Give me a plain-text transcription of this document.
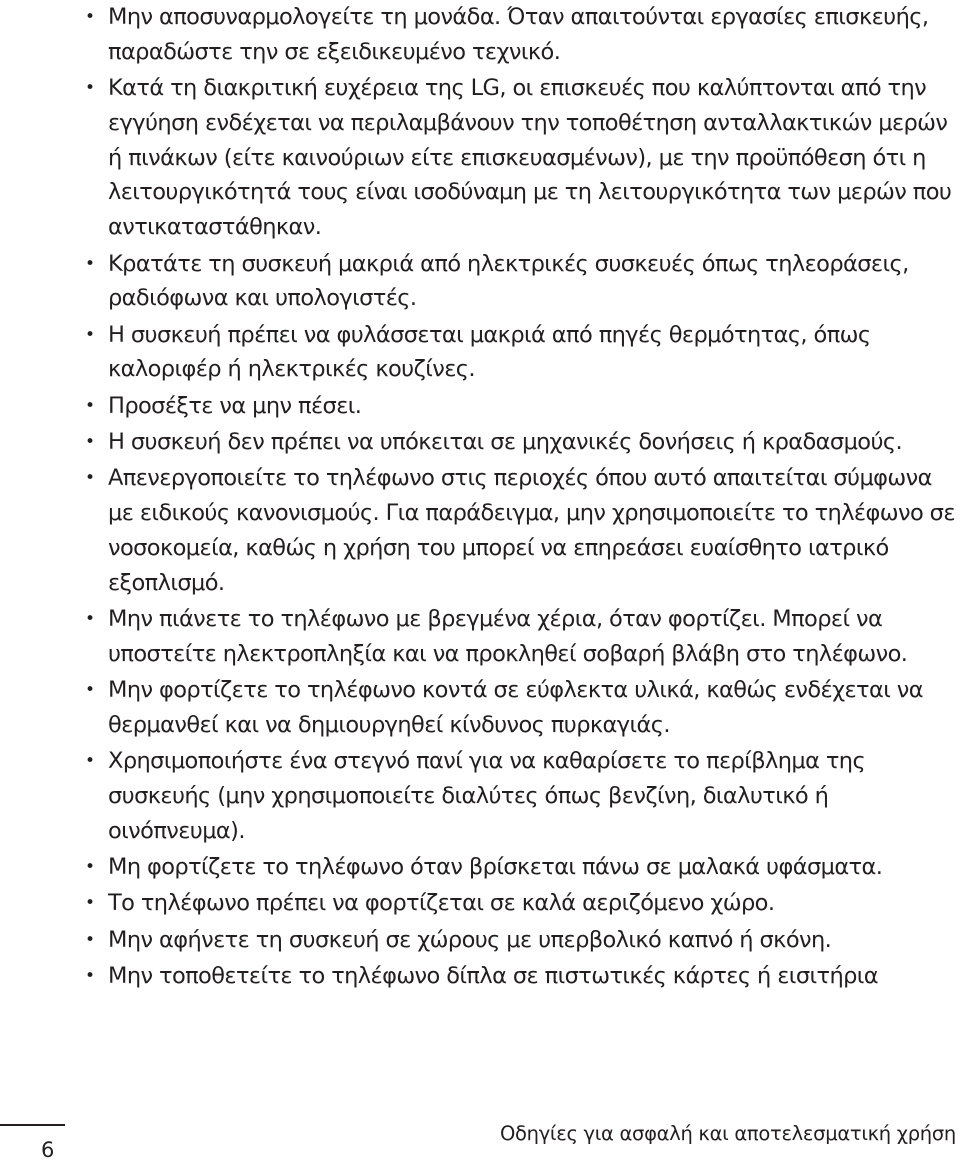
• Μην αποσυναρμολογείτε τη μονάδα. Όταν απαιτούνται εργασίες επισκευής, παραδώστε την σε εξειδικευμένο τεχνικό.
• Κατά τη διακριτική ευχέρεια της LG, οι επισκευές που καλύπτονται από την εγγύηση ενδέχεται να περιλαμβάνουν την τοποθέτηση ανταλλακτικών μερών ή πινάκων (είτε καινούριων είτε επισκευασμένων), με την προϋπόθεση ότι η λειτουργικότητά τους είναι ισοδύναμη με τη λειτουργικότητα των μερών που αντικαταστάθηκαν.
• Κρατάτε τη συσκευή μακριά από ηλεκτρικές συσκευές όπως τηλεοράσεις, ραδιόφωνα και υπολογιστές.
• Η συσκευή πρέπει να φυλάσσεται μακριά από πηγές θερμότητας, όπως καλοριφέρ ή ηλεκτρικές κουζίνες.
• Προσέξτε να μην πέσει.
• Η συσκευή δεν πρέπει να υπόκειται σε μηχανικές δονήσεις ή κραδασμούς.
• Απενεργοποιείτε το τηλέφωνο στις περιοχές όπου αυτό απαιτείται σύμφωνα με ειδικούς κανονισμούς. Για παράδειγμα, μην χρησιμοποιείτε το τηλέφωνο σε νοσοκομεία, καθώς η χρήση του μπορεί να επηρεάσει ευαίσθητο ιατρικό εξοπλισμό.
• Μην πιάνετε το τηλέφωνο με βρεγμένα χέρια, όταν φορτίζει. Μπορεί να υποστείτε ηλεκτροπληξία και να προκληθεί σοβαρή βλάβη στο τηλέφωνο.
• Μην φορτίζετε το τηλέφωνο κοντά σε εύφλεκτα υλικά, καθώς ενδέχεται να θερμανθεί και να δημιουργηθεί κίνδυνος πυρκαγιάς.
• Χρησιμοποιήστε ένα στεγνό πανί για να καθαρίσετε το περίβλημα της συσκευής (μην χρησιμοποιείτε διαλύτες όπως βενζίνη, διαλυτικό ή οινόπνευμα).
• Μη φορτίζετε το τηλέφωνο όταν βρίσκεται πάνω σε μαλακά υφάσματα.
• Το τηλέφωνο πρέπει να φορτίζεται σε καλά αεριζόμενο χώρο.
• Μην αφήνετε τη συσκευή σε χώρους με υπερβολικό καπνό ή σκόνη.
• Μην τοποθετείτε το τηλέφωνο δίπλα σε πιστωτικές κάρτες ή εισιτήρια
6
Οδηγίες για ασφαλή και αποτελεσματική χρήση
